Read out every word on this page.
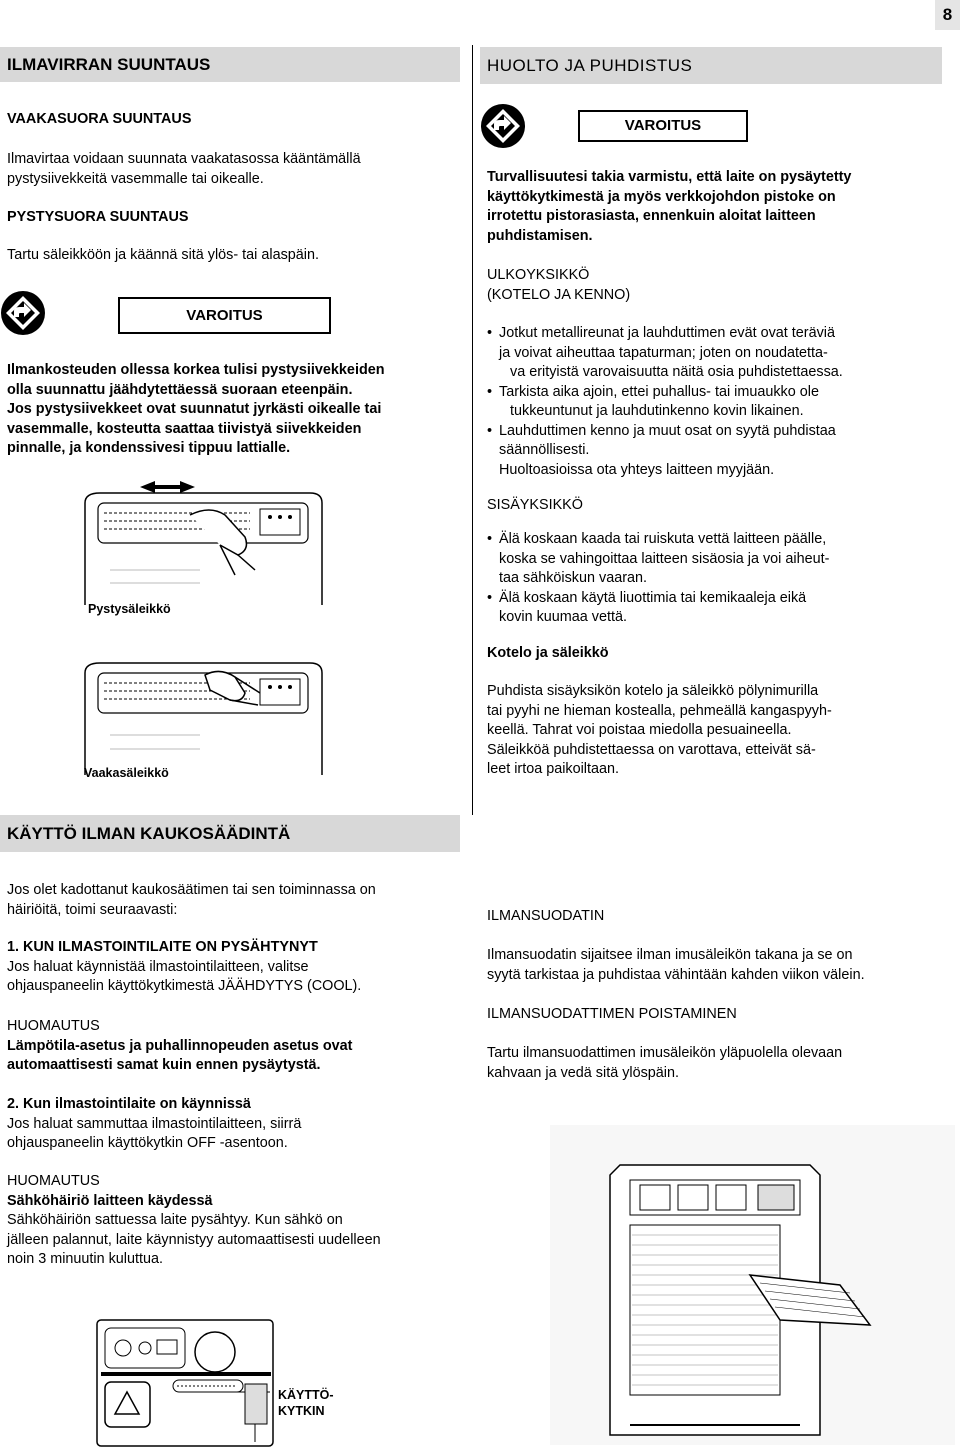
8
ILMAVIRRAN SUUNTAUS
VAAKASUORA SUUNTAUS
Ilmavirtaa voidaan suunnata vaakatasossa kääntämällä
pystysiivekkeitä vasemmalle tai oikealle.
PYSTYSUORA SUUNTAUS
Tartu säleikköön ja käännä sitä ylös- tai alaspäin.
VAROITUS
Ilmankosteuden ollessa korkea tulisi pystysiivekkeiden
olla suunnattu jäähdytettäessä suoraan eteenpäin.
Jos pystysiivekkeet ovat suunnatut jyrkästi oikealle tai
vasemmalle, kosteutta saattaa tiivistyä siivekkeiden
pinnalle, ja kondenssivesi tippuu lattialle.
Pystysäleikkö
Vaakasäleikkö
HUOLTO JA PUHDISTUS
VAROITUS
Turvallisuutesi takia varmistu, että laite on pysäytetty
käyttökytkimestä ja myös verkkojohdon pistoke on
irrotettu pistorasiasta, ennenkuin aloitat laitteen
puhdistamisen.
ULKOYKSIKKÖ
(KOTELO JA KENNO)
• Jotkut metallireunat ja lauhduttimen evät ovat teräviä
ja voivat aiheuttaa tapaturman; joten on noudatetta-
va erityistä varovaisuutta näitä osia puhdistettaessa.
• Tarkista aika ajoin, ettei puhallus- tai imuaukko ole
tukkeuntunut ja lauhdutinkenno kovin likainen.
• Lauhduttimen kenno ja muut osat on syytä puhdistaa
säännöllisesti.
Huoltoasioissa ota yhteys laitteen myyjään.
SISÄYKSIKKÖ
• Älä koskaan kaada tai ruiskuta vettä laitteen päälle,
koska se vahingoittaa laitteen sisäosia ja voi aiheut-
taa sähköiskun vaaran.
• Älä koskaan käytä liuottimia tai kemikaaleja eikä
kovin kuumaa vettä.
Kotelo ja säleikkö
Puhdista sisäyksikön kotelo ja säleikkö pölynimurilla
tai pyyhi ne hieman kostealla, pehmeällä kangaspyyh-
keellä. Tahrat voi poistaa miedolla pesuaineella.
Säleikköä puhdistettaessa on varottava, etteivät sä-
leet irtoa paikoiltaan.
KÄYTTÖ ILMAN KAUKOSÄÄDINTÄ
Jos olet kadottanut kaukosäätimen tai sen toiminnassa on
häiriöitä, toimi seuraavasti:
1. KUN ILMASTOINTILAITE ON PYSÄHTYNYT
Jos haluat käynnistää ilmastointilaitteen, valitse
ohjauspaneelin käyttökytkimestä JÄÄHDYTYS (COOL).
HUOMAUTUS
Lämpötila-asetus ja puhallinnopeuden asetus ovat
automaattisesti samat kuin ennen pysäytystä.
2. Kun ilmastointilaite on käynnissä
Jos haluat sammuttaa ilmastointilaitteen, siirrä
ohjauspaneelin käyttökytkin OFF -asentoon.
HUOMAUTUS
Sähköhäiriö laitteen käydessä
Sähköhäiriön sattuessa laite pysähtyy. Kun sähkö on
jälleen palannut, laite käynnistyy automaattisesti uudelleen
noin 3 minuutin kuluttua.
KÄYTTÖ-
KYTKIN
ILMANSUODATIN
Ilmansuodatin sijaitsee ilman imusäleikön takana ja se on
syytä tarkistaa ja puhdistaa vähintään kahden viikon välein.
ILMANSUODATTIMEN POISTAMINEN
Tartu ilmansuodattimen imusäleikön yläpuolella olevaan
kahvaan ja vedä sitä ylöspäin.
